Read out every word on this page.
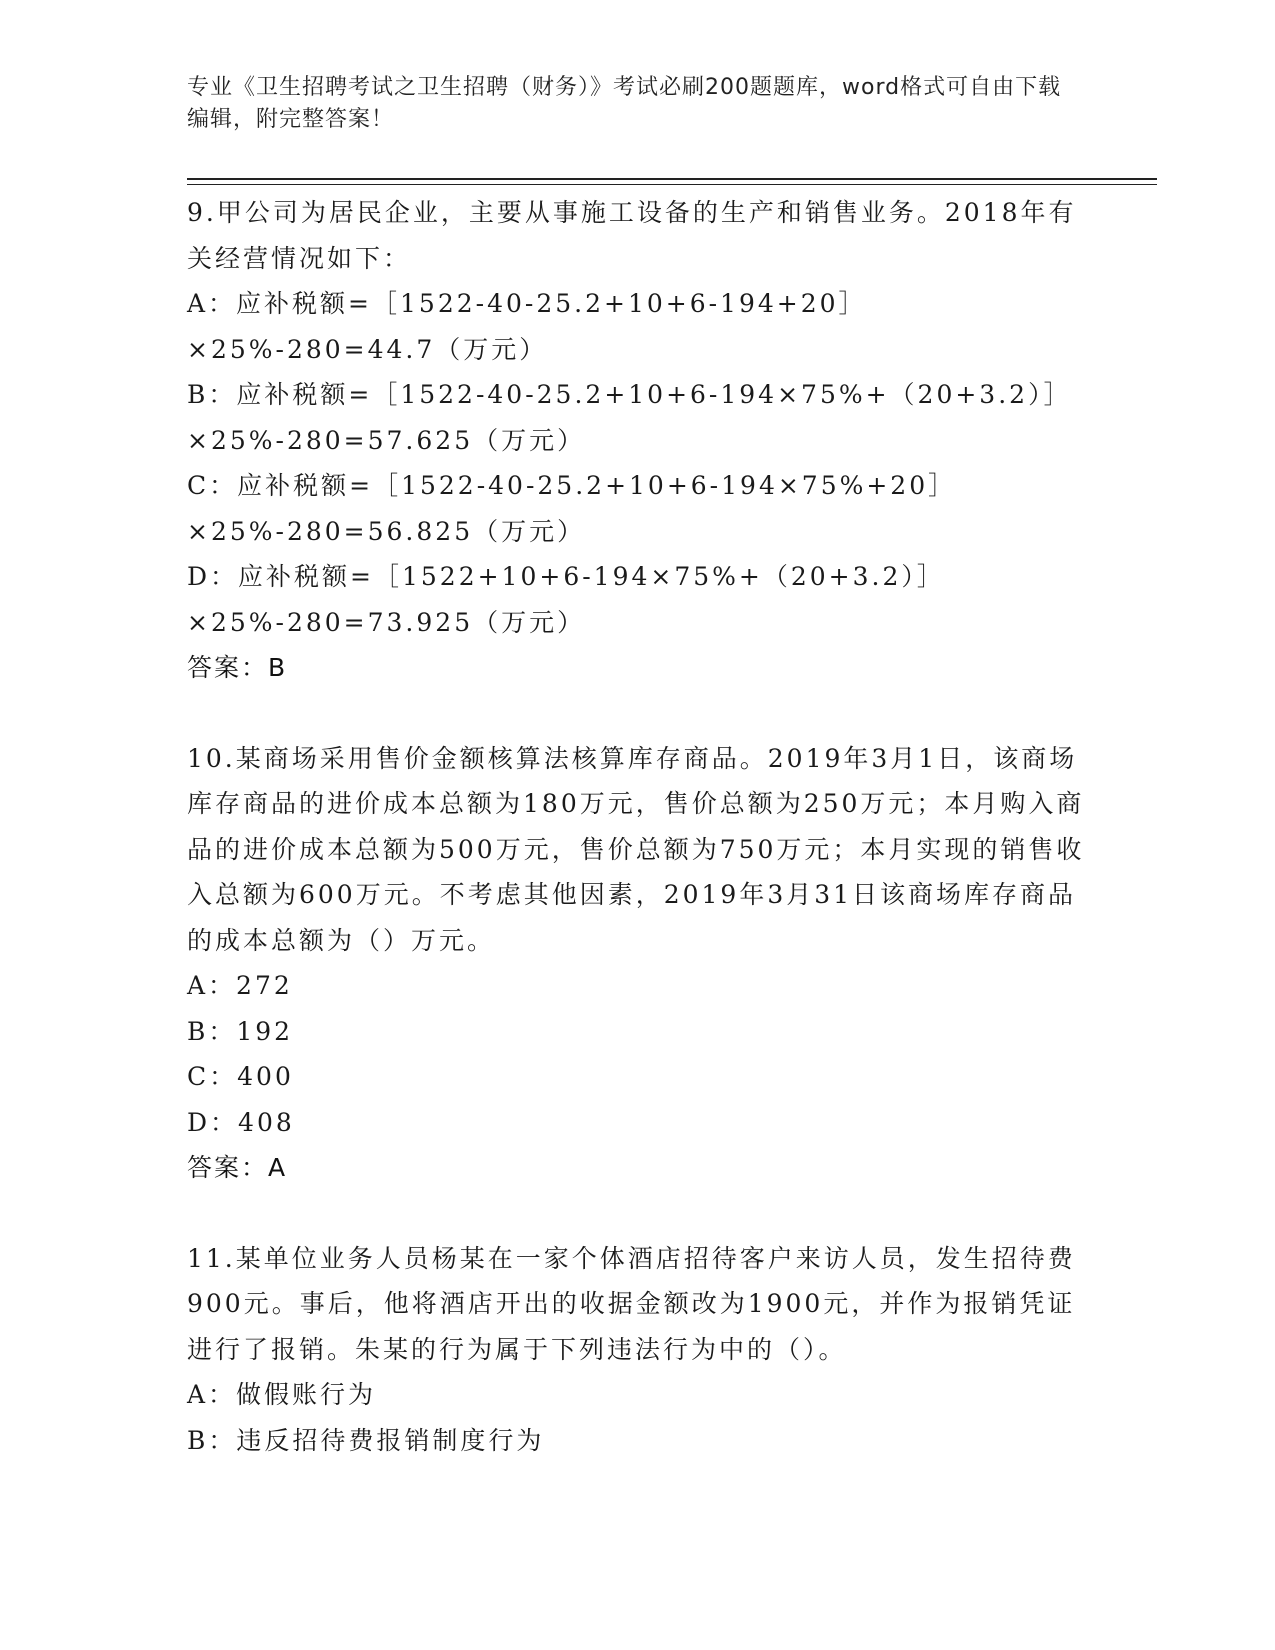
专业《卫生招聘考试之卫生招聘（财务）》考试必刷200题题库，word格式可自由下载编辑，附完整答案！

9.甲公司为居民企业，主要从事施工设备的生产和销售业务。2018年有关经营情况如下：

A：应补税额=［1522-40-25.2+10+6-194+20］×25%-280=44.7（万元）

B：应补税额=［1522-40-25.2+10+6-194×75%+（20+3.2）］×25%-280=57.625（万元）

C：应补税额=［1522-40-25.2+10+6-194×75%+20］×25%-280=56.825（万元）

D：应补税额=［1522+10+6-194×75%+（20+3.2）］×25%-280=73.925（万元）

答案：B

10.某商场采用售价金额核算法核算库存商品。2019年3月1日，该商场库存商品的进价成本总额为180万元，售价总额为250万元；本月购入商品的进价成本总额为500万元，售价总额为750万元；本月实现的销售收入总额为600万元。不考虑其他因素，2019年3月31日该商场库存商品的成本总额为（）万元。

A：272

B：192

C：400

D：408

答案：A

11.某单位业务人员杨某在一家个体酒店招待客户来访人员，发生招待费900元。事后，他将酒店开出的收据金额改为1900元，并作为报销凭证进行了报销。朱某的行为属于下列违法行为中的（）。

A：做假账行为

B：违反招待费报销制度行为
